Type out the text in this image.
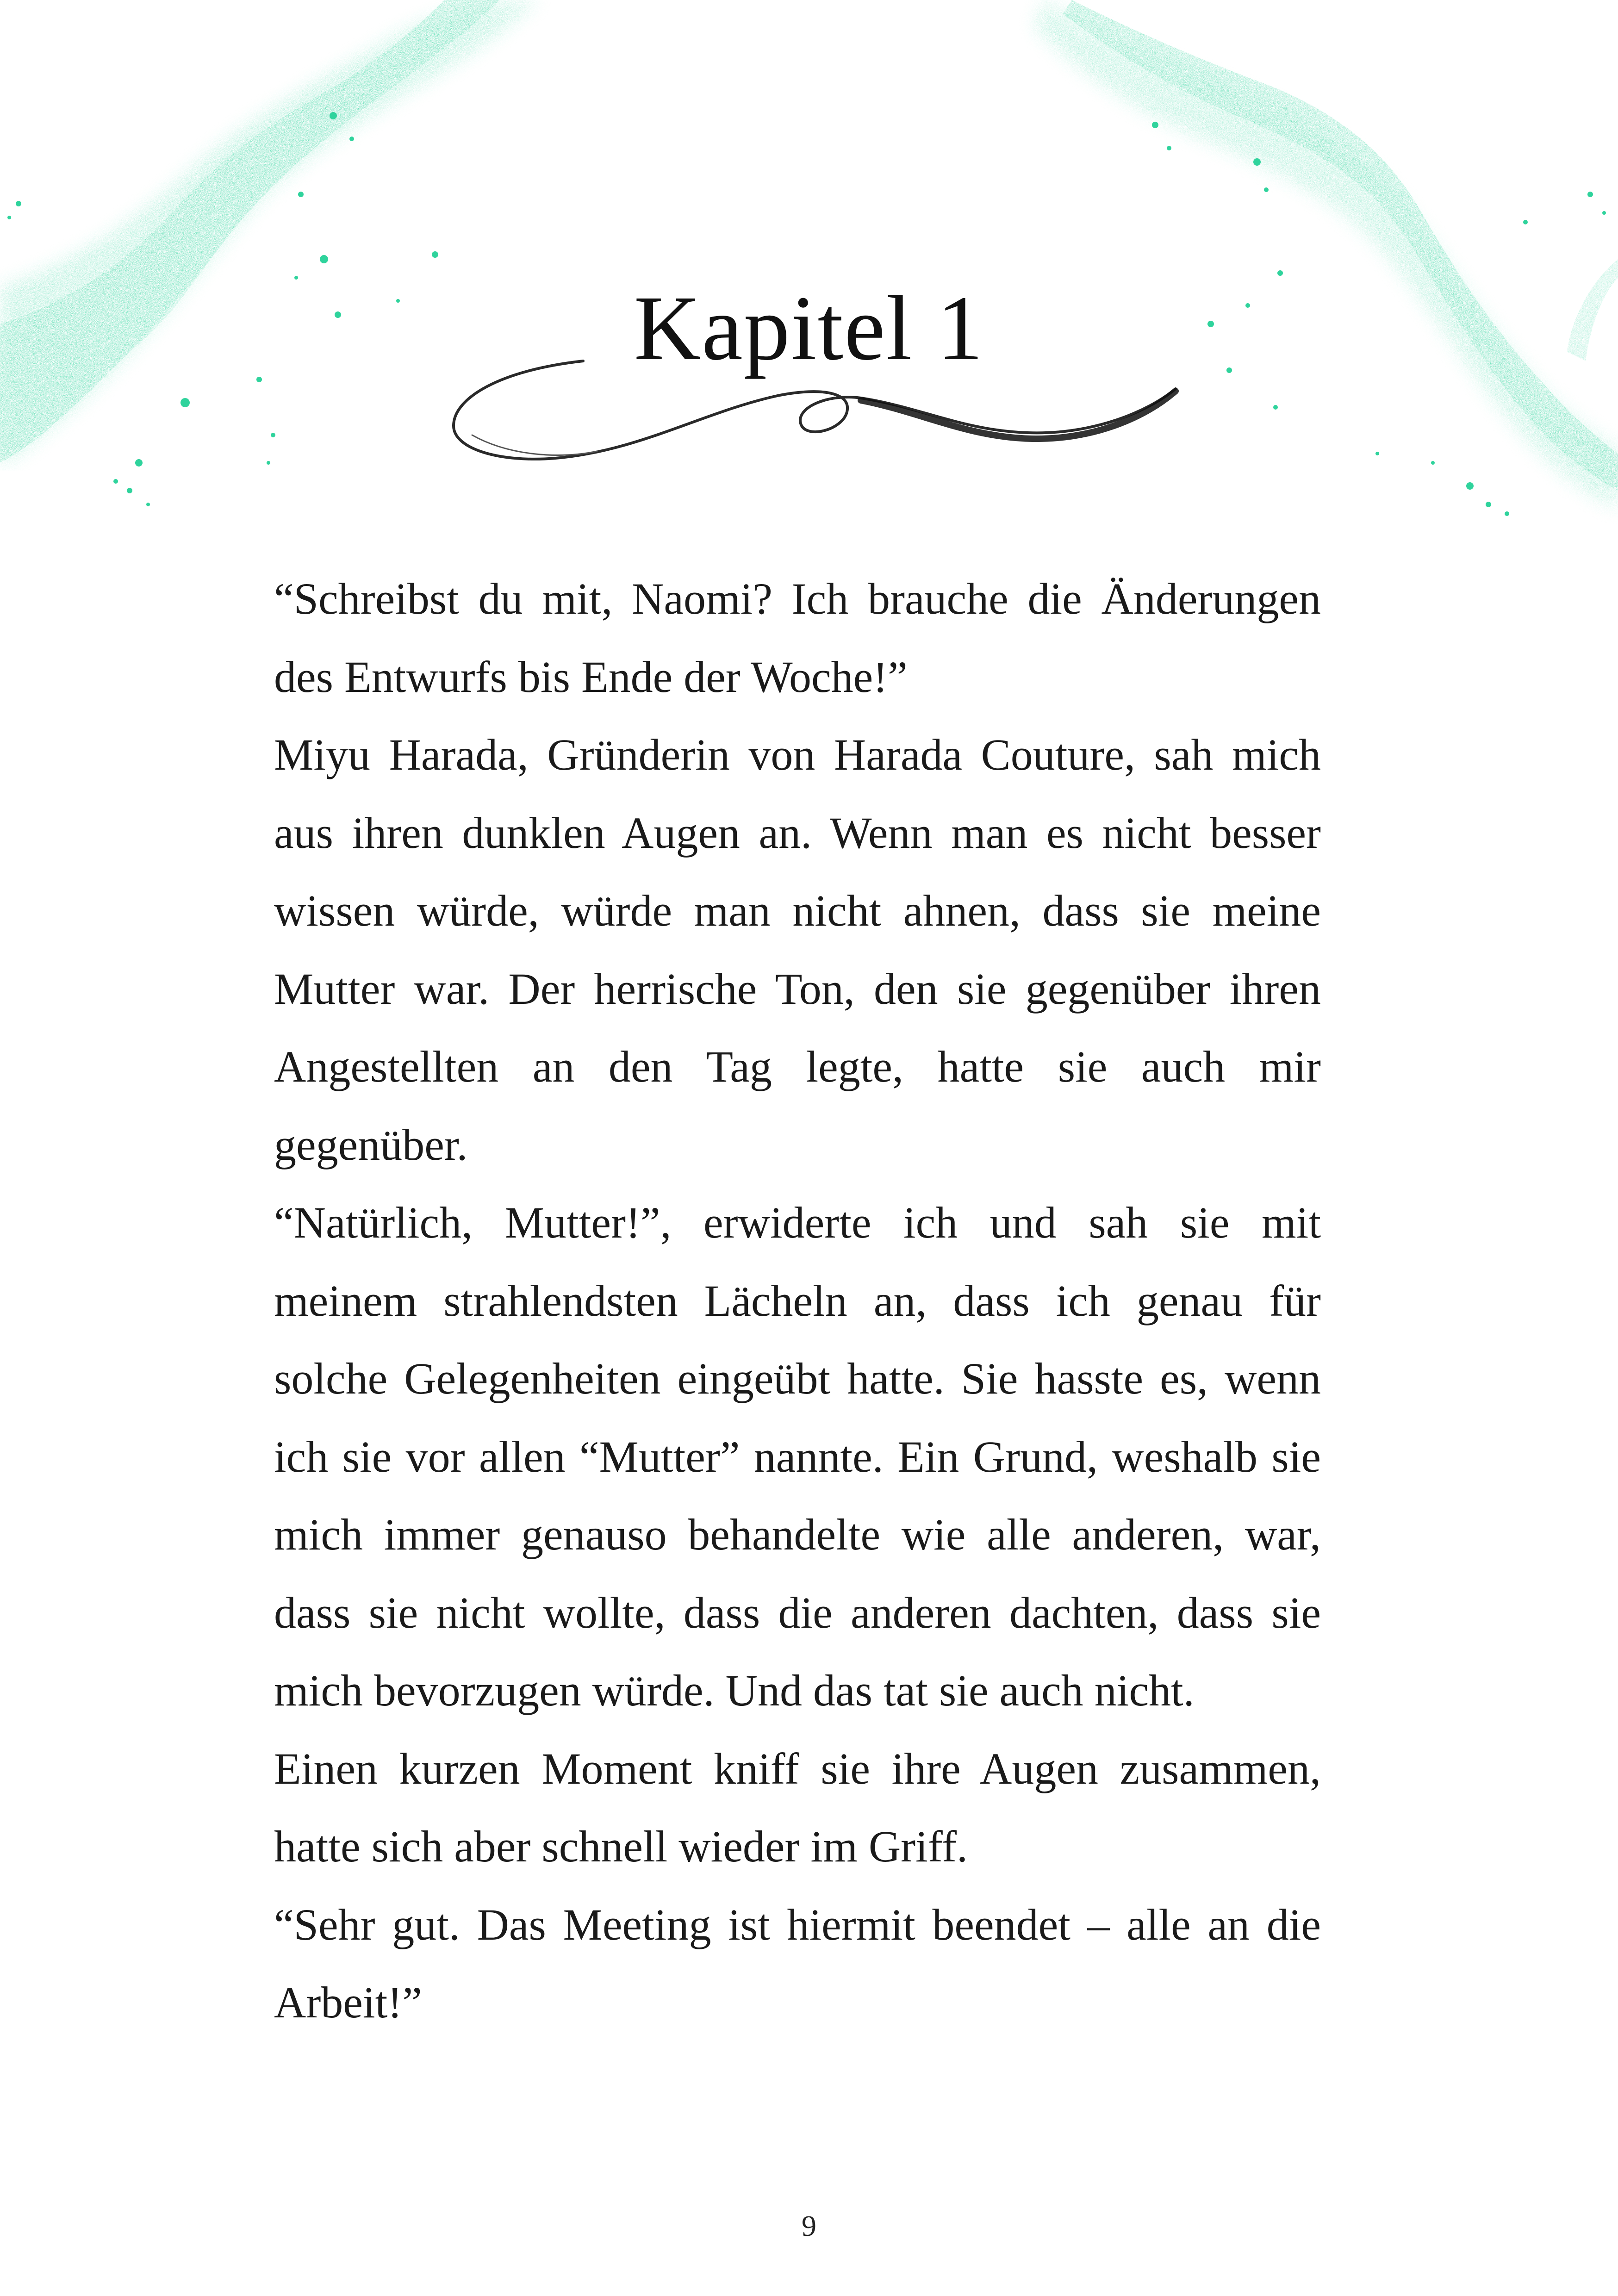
Kapitel 1

“Schreibst du mit, Naomi? Ich brauche die Änderungen des Entwurfs bis Ende der Woche!”

Miyu Harada, Gründerin von Harada Couture, sah mich aus ihren dunklen Augen an. Wenn man es nicht besser wissen würde, würde man nicht ahnen, dass sie meine Mutter war. Der herrische Ton, den sie gegenüber ihren Angestellten an den Tag legte, hatte sie auch mir gegenüber.

“Natürlich, Mutter!”, erwiderte ich und sah sie mit meinem strahlendsten Lächeln an, dass ich genau für solche Gelegenheiten eingeübt hatte. Sie hasste es, wenn ich sie vor allen “Mutter” nannte. Ein Grund, weshalb sie mich immer genauso behandelte wie alle anderen, war, dass sie nicht wollte, dass die anderen dachten, dass sie mich bevorzugen würde. Und das tat sie auch nicht.

Einen kurzen Moment kniff sie ihre Augen zusammen, hatte sich aber schnell wieder im Griff.

“Sehr gut. Das Meeting ist hiermit beendet – alle an die Arbeit!”

9
